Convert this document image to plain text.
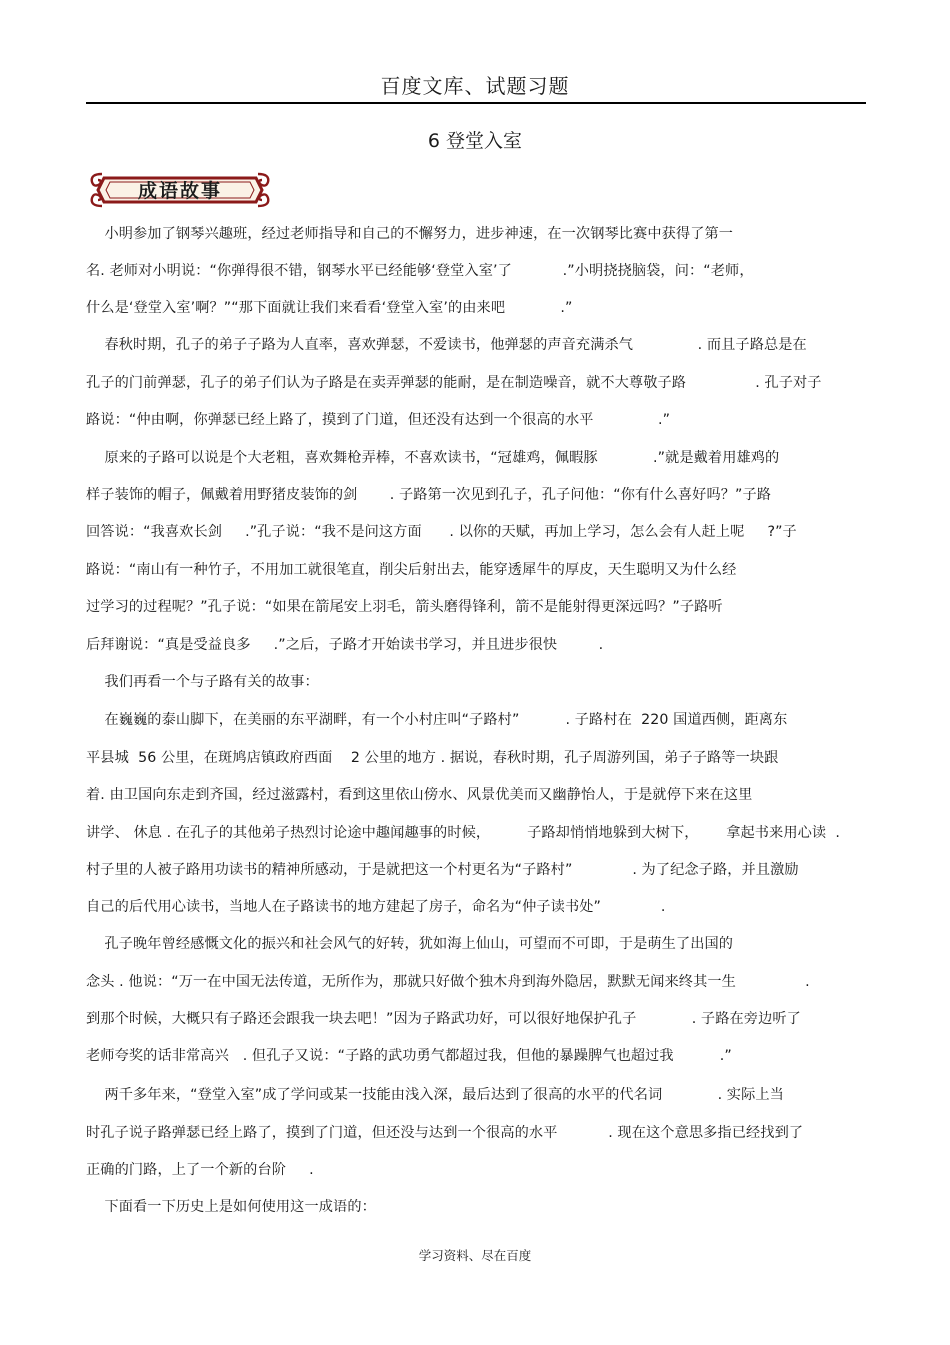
百度文库、试题习题
6 登堂入室
成语故事
小明参加了钢琴兴趣班，经过老师指导和自己的不懈努力，进步神速，在一次钢琴比赛中获得了第一
名. 老师对小明说：“你弹得很不错，钢琴水平已经能够‘登堂入室’了           .”小明挠挠脑袋，问：“老师，
什么是‘登堂入室’啊？”“那下面就让我们来看看‘登堂入室’的由来吧            .”
春秋时期，孔子的弟子子路为人直率，喜欢弹瑟，不爱读书，他弹瑟的声音充满杀气              . 而且子路总是在
孔子的门前弹瑟，孔子的弟子们认为子路是在卖弄弹瑟的能耐，是在制造噪音，就不大尊敬子路               . 孔子对子
路说：“仲由啊，你弹瑟已经上路了，摸到了门道，但还没有达到一个很高的水平              .”
原来的子路可以说是个大老粗，喜欢舞枪弄棒，不喜欢读书，“冠雄鸡，佩暇豚            .”就是戴着用雄鸡的
样子装饰的帽子，佩戴着用野猪皮装饰的剑       . 子路第一次见到孔子，孔子问他：“你有什么喜好吗？”子路
回答说：“我喜欢长剑     .”孔子说：“我不是问这方面      . 以你的天赋，再加上学习，怎么会有人赶上呢     ?”子
路说：“南山有一种竹子，不用加工就很笔直，削尖后射出去，能穿透犀牛的厚皮，天生聪明又为什么经
过学习的过程呢？”孔子说：“如果在箭尾安上羽毛，箭头磨得锋利，箭不是能射得更深远吗？”子路听
后拜谢说：“真是受益良多     .”之后，子路才开始读书学习，并且进步很快         .
我们再看一个与子路有关的故事：
在巍巍的泰山脚下，在美丽的东平湖畔，有一个小村庄叫“子路村”          . 子路村在  220 国道西侧，距离东
平县城  56 公里，在斑鸠店镇政府西面    2 公里的地方 . 据说，春秋时期，孔子周游列国，弟子子路等一块跟
着. 由卫国向东走到齐国，经过滋露村，看到这里依山傍水、风景优美而又幽静怡人，于是就停下来在这里
讲学、 休息 . 在孔子的其他弟子热烈讨论途中趣闻趣事的时候，        子路却悄悄地躲到大树下，      拿起书来用心读  .
村子里的人被子路用功读书的精神所感动，于是就把这一个村更名为“子路村”             . 为了纪念子路，并且激励
自己的后代用心读书，当地人在子路读书的地方建起了房子，命名为“仲子读书处”             .
孔子晚年曾经感慨文化的振兴和社会风气的好转，犹如海上仙山，可望而不可即，于是萌生了出国的
念头 . 他说：“万一在中国无法传道，无所作为，那就只好做个独木舟到海外隐居，默默无闻来终其一生               .
到那个时候，大概只有子路还会跟我一块去吧！”因为子路武功好，可以很好地保护孔子            . 子路在旁边听了
老师夸奖的话非常高兴   . 但孔子又说：“子路的武功勇气都超过我，但他的暴躁脾气也超过我          .”
两千多年来，“登堂入室”成了学问或某一技能由浅入深，最后达到了很高的水平的代名词            . 实际上当
时孔子说子路弹瑟已经上路了，摸到了门道，但还没与达到一个很高的水平           . 现在这个意思多指已经找到了
正确的门路，上了一个新的台阶     .
下面看一下历史上是如何使用这一成语的：
学习资料、尽在百度
